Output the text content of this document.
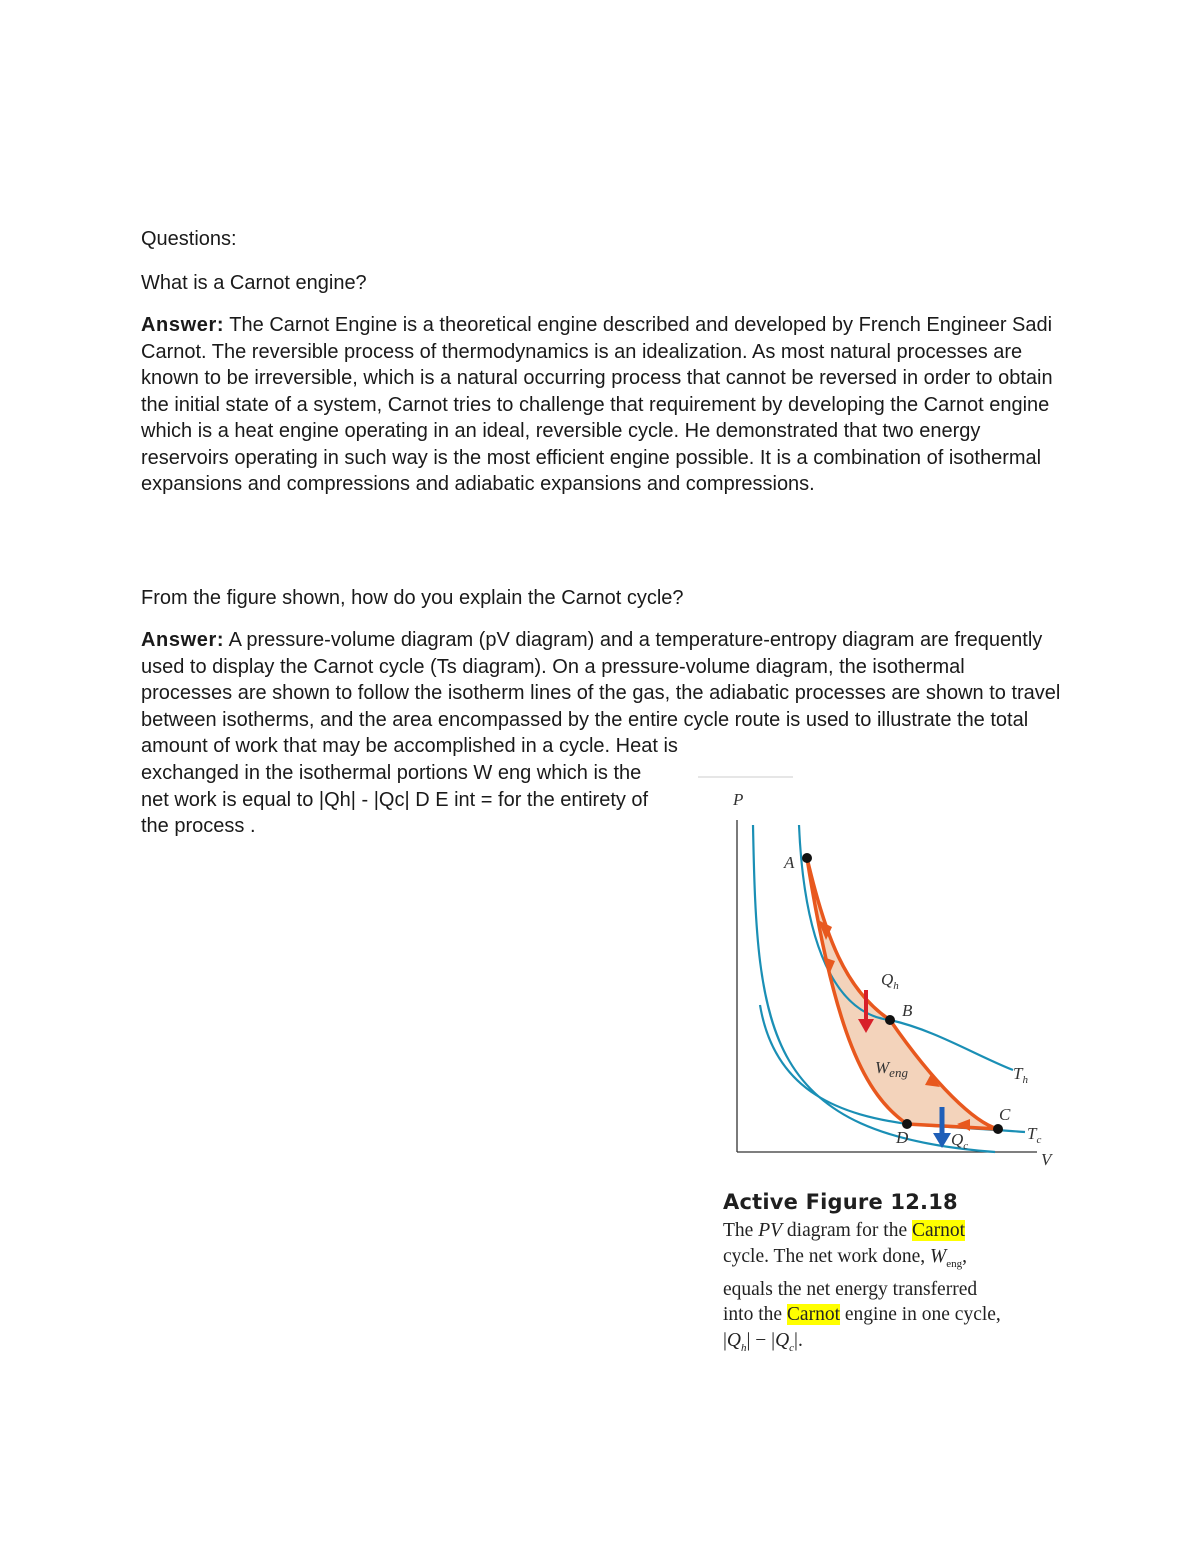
Questions:

What is a Carnot engine?

Answer: The Carnot Engine is a theoretical engine described and developed by French Engineer Sadi Carnot. The reversible process of thermodynamics is an idealization. As most natural processes are known to be irreversible, which is a natural occurring process that cannot be reversed in order to obtain the initial state of a system, Carnot tries to challenge that requirement by developing the Carnot engine which is a heat engine operating in an ideal, reversible cycle. He demonstrated that two energy reservoirs operating in such way is the most efficient engine possible. It is a combination of isothermal expansions and compressions and adiabatic expansions and compressions.

From the figure shown, how do you explain the Carnot cycle?

Answer: A pressure-volume diagram (pV diagram) and a temperature-entropy diagram are frequently used to display the Carnot cycle (Ts diagram). On a pressure-volume diagram, the isothermal processes are shown to follow the isotherm lines of the gas, the adiabatic processes are shown to travel between isotherms, and the area encompassed by the entire cycle route is used to illustrate the total amount of work that may be accomplished in a cycle. Heat is

exchanged in the isothermal portions W eng which is the net work is equal to |Qh| - |Qc| D E int = for the entirety of the process .

P
V
A
B
C
D
$Q_h$
$Q_c$
$W_{eng}$	$T_h$
$T_c$

Active Figure 12.18

The PV diagram for the Carnot
cycle. The net work done, $W_{eng}$,
equals the net energy transferred
into the Carnot engine in one cycle,
$|Q_h| - |Q_c|$.
